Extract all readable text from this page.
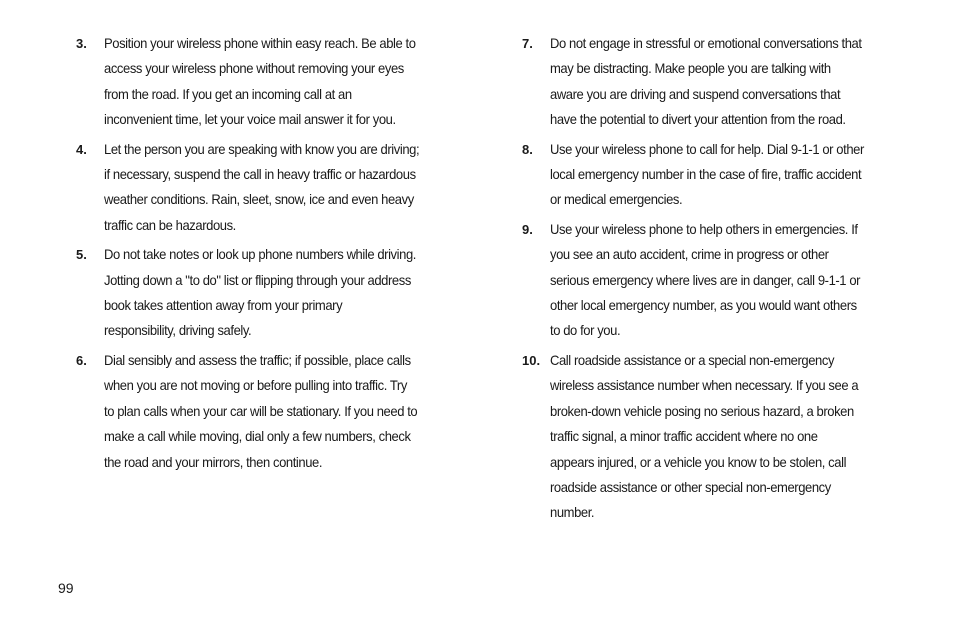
3.	Position your wireless phone within easy reach. Be able to
access your wireless phone without removing your eyes
from the road. If you get an incoming call at an
inconvenient time, let your voice mail answer it for you.
4.	Let the person you are speaking with know you are driving;
if necessary, suspend the call in heavy traffic or hazardous
weather conditions. Rain, sleet, snow, ice and even heavy
traffic can be hazardous.
5.	Do not take notes or look up phone numbers while driving.
Jotting down a "to do" list or flipping through your address
book takes attention away from your primary
responsibility, driving safely.
6.	Dial sensibly and assess the traffic; if possible, place calls
when you are not moving or before pulling into traffic. Try
to plan calls when your car will be stationary. If you need to
make a call while moving, dial only a few numbers, check
the road and your mirrors, then continue.
7.	Do not engage in stressful or emotional conversations that
may be distracting. Make people you are talking with
aware you are driving and suspend conversations that
have the potential to divert your attention from the road.
8.	Use your wireless phone to call for help. Dial 9-1-1 or other
local emergency number in the case of fire, traffic accident
or medical emergencies.
9.	Use your wireless phone to help others in emergencies. If
you see an auto accident, crime in progress or other
serious emergency where lives are in danger, call 9-1-1 or
other local emergency number, as you would want others
to do for you.
10. Call roadside assistance or a special non-emergency
wireless assistance number when necessary. If you see a
broken-down vehicle posing no serious hazard, a broken
traffic signal, a minor traffic accident where no one
appears injured, or a vehicle you know to be stolen, call
roadside assistance or other special non-emergency
number.
99
